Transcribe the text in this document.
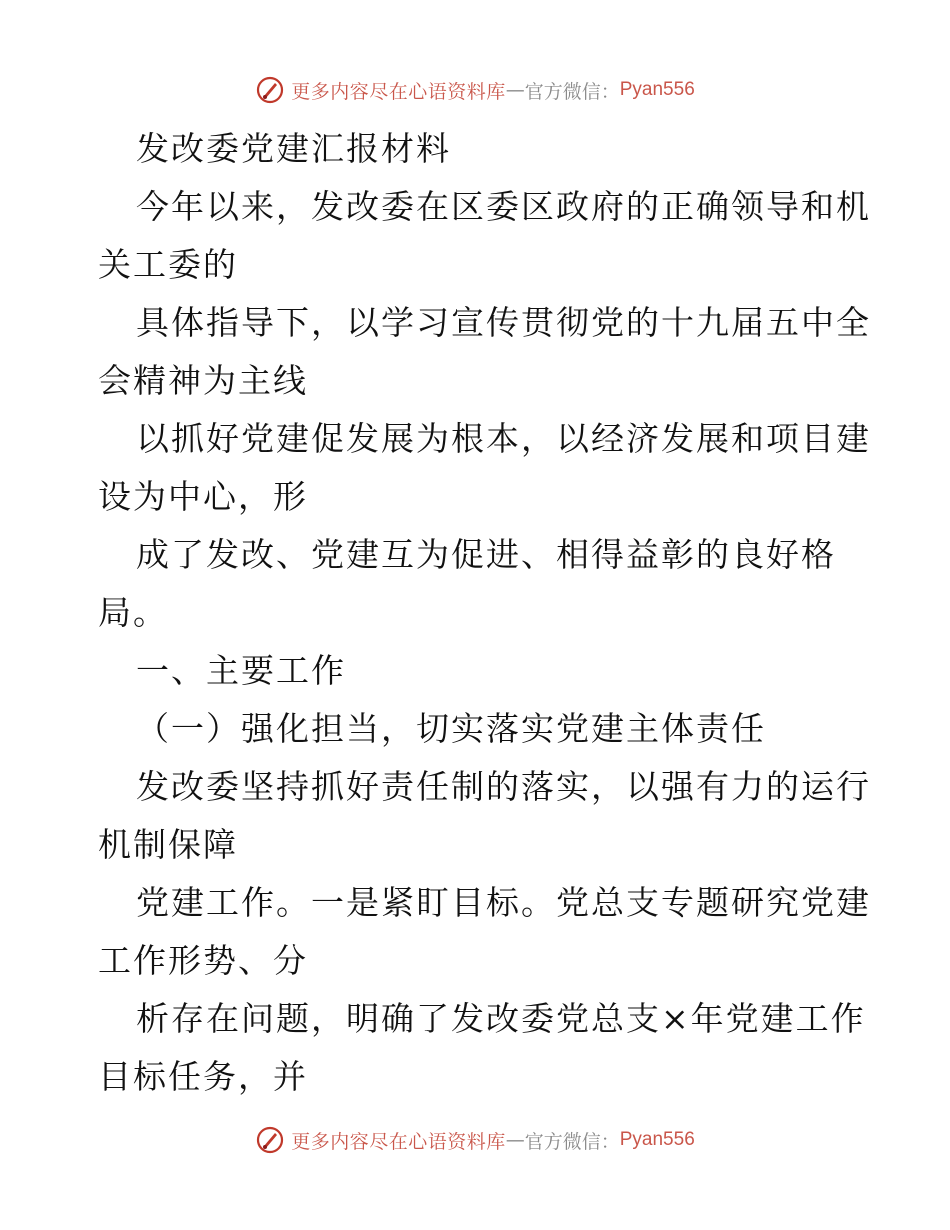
更多内容尽在心语资料库 — 官方微信： Pyan556
发改委党建汇报材料
今年以来，发改委在区委区政府的正确领导和机
关工委的
具体指导下，以学习宣传贯彻党的十九届五中全
会精神为主线
以抓好党建促发展为根本，以经济发展和项目建
设为中心，形
成了发改、党建互为促进、相得益彰的良好格
局。
一、主要工作
（一）强化担当，切实落实党建主体责任
发改委坚持抓好责任制的落实，以强有力的运行
机制保障
党建工作。一是紧盯目标。党总支专题研究党建
工作形势、分
析存在问题，明确了发改委党总支×年党建工作
目标任务，并
更多内容尽在心语资料库 — 官方微信： Pyan556
